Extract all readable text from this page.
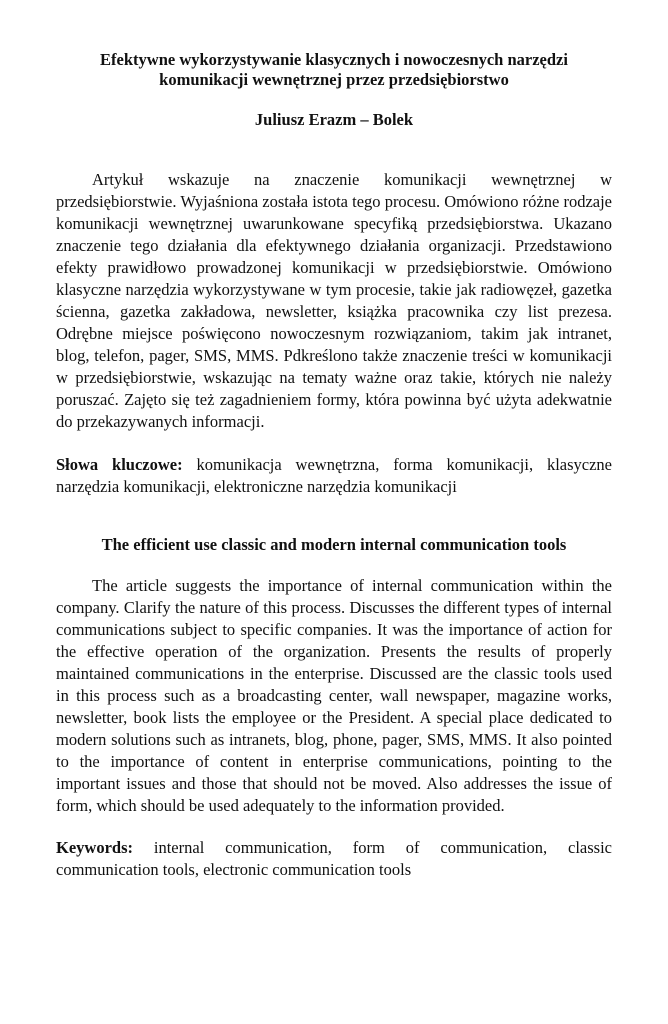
Efektywne wykorzystywanie klasycznych i nowoczesnych narzędzi komunikacji wewnętrznej przez przedsiębiorstwo

Juliusz Erazm – Bolek

Artykuł wskazuje na znaczenie komunikacji wewnętrznej w przedsiębiorstwie. Wyjaśniona została istota tego procesu. Omówiono różne rodzaje komunikacji wewnętrznej uwarunkowane specyfiką przedsiębiorstwa. Ukazano znaczenie tego działania dla efektywnego działania organizacji. Przedstawiono efekty prawidłowo prowadzonej komunikacji w przedsiębiorstwie. Omówiono klasyczne narzędzia wykorzystywane w tym procesie, takie jak radiowęzeł, gazetka ścienna, gazetka zakładowa, newsletter, książka pracownika czy list prezesa. Odrębne miejsce poświęcono nowoczesnym rozwiązaniom, takim jak intranet, blog, telefon, pager, SMS, MMS. Pdkreślono także znaczenie treści w komunikacji w przedsiębiorstwie, wskazując na tematy ważne oraz takie, których nie należy poruszać. Zajęto się też zagadnieniem formy, która powinna być użyta adekwatnie do przekazywanych informacji.

Słowa kluczowe: komunikacja wewnętrzna, forma komunikacji, klasyczne narzędzia komunikacji, elektroniczne narzędzia komunikacji

The efficient use classic and modern internal communication tools

The article suggests the importance of internal communication within the company. Clarify the nature of this process. Discusses the different types of internal communications subject to specific companies. It was the importance of action for the effective operation of the organization. Presents the results of properly maintained communications in the enterprise. Discussed are the classic tools used in this process such as a broadcasting center, wall newspaper, magazine works, newsletter, book lists the employee or the President. A special place dedicated to modern solutions such as intranets, blog, phone, pager, SMS, MMS. It also pointed to the importance of content in enterprise communications, pointing to the important issues and those that should not be moved. Also addresses the issue of form, which should be used adequately to the information provided.

Keywords: internal communication, form of communication, classic communication tools, electronic communication tools
